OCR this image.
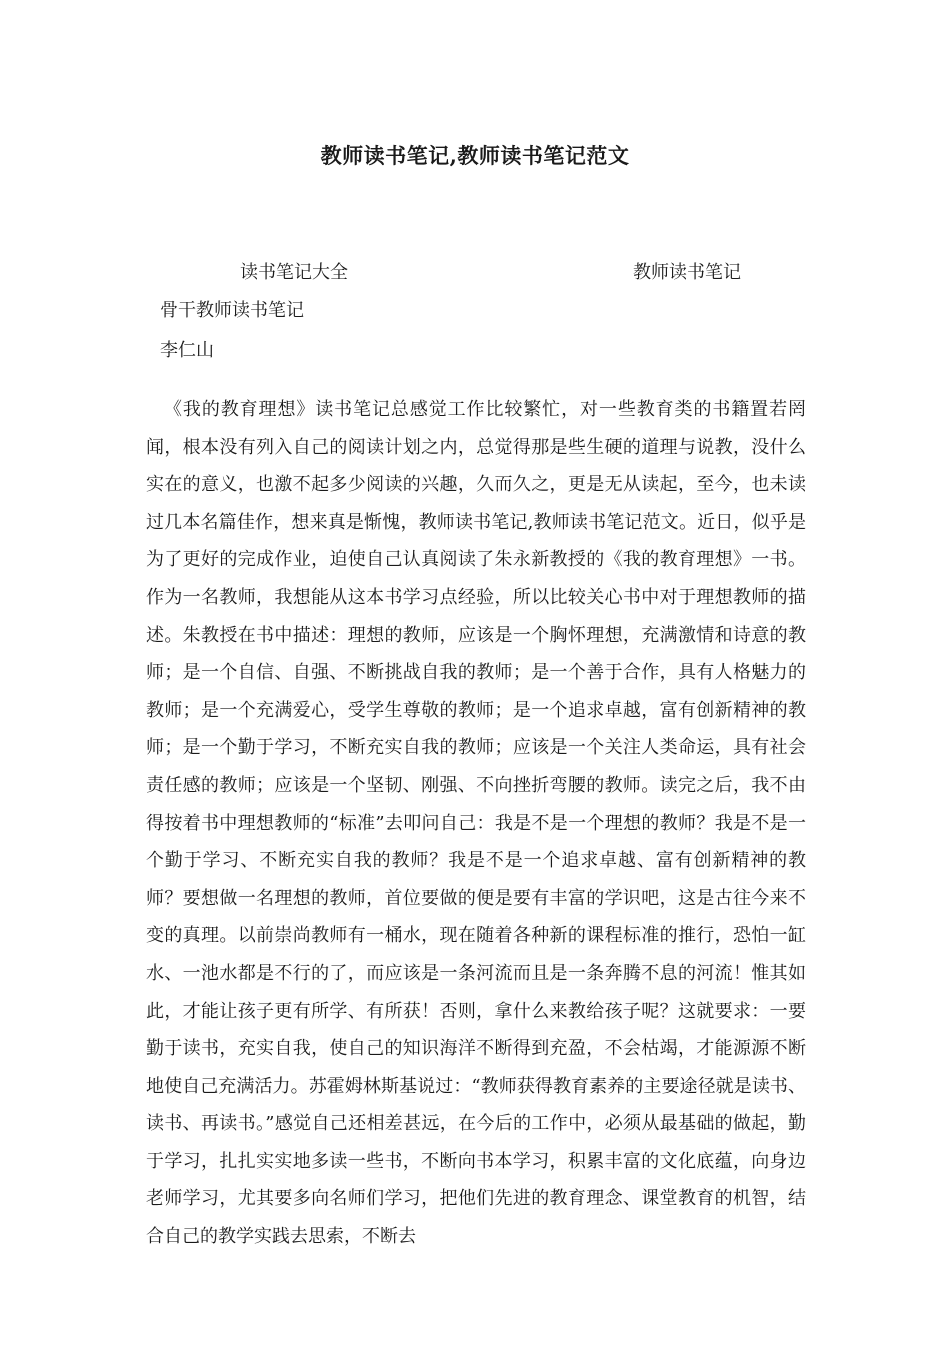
教师读书笔记,教师读书笔记范文
读书笔记大全	教师读书笔记
骨干教师读书笔记
李仁山

《我的教育理想》读书笔记总感觉工作比较繁忙，对一些教育类的书籍置若罔闻，根本没有列入自己的阅读计划之内，总觉得那是些生硬的道理与说教，没什么实在的意义，也激不起多少阅读的兴趣，久而久之，更是无从读起，至今，也未读过几本名篇佳作，想来真是惭愧，教师读书笔记,教师读书笔记范文。近日，似乎是为了更好的完成作业，迫使自己认真阅读了朱永新教授的《我的教育理想》一书。作为一名教师，我想能从这本书学习点经验，所以比较关心书中对于理想教师的描述。朱教授在书中描述：理想的教师，应该是一个胸怀理想，充满激情和诗意的教师；是一个自信、自强、不断挑战自我的教师；是一个善于合作，具有人格魅力的教师；是一个充满爱心，受学生尊敬的教师；是一个追求卓越，富有创新精神的教师；是一个勤于学习，不断充实自我的教师；应该是一个关注人类命运，具有社会责任感的教师；应该是一个坚韧、刚强、不向挫折弯腰的教师。读完之后，我不由得按着书中理想教师的“标准”去叩问自己：我是不是一个理想的教师？我是不是一个勤于学习、不断充实自我的教师？我是不是一个追求卓越、富有创新精神的教师？要想做一名理想的教师，首位要做的便是要有丰富的学识吧，这是古往今来不变的真理。以前崇尚教师有一桶水，现在随着各种新的课程标准的推行，恐怕一缸水、一池水都是不行的了，而应该是一条河流而且是一条奔腾不息的河流！惟其如此，才能让孩子更有所学、有所获！否则，拿什么来教给孩子呢？这就要求：一要勤于读书，充实自我，使自己的知识海洋不断得到充盈，不会枯竭，才能源源不断地使自己充满活力。苏霍姆林斯基说过：“教师获得教育素养的主要途径就是读书、读书、再读书。”感觉自己还相差甚远，在今后的工作中，必须从最基础的做起，勤于学习，扎扎实实地多读一些书，不断向书本学习，积累丰富的文化底蕴，向身边老师学习，尤其要多向名师们学习，把他们先进的教育理念、课堂教育的机智，结合自己的教学实践去思索，不断去
